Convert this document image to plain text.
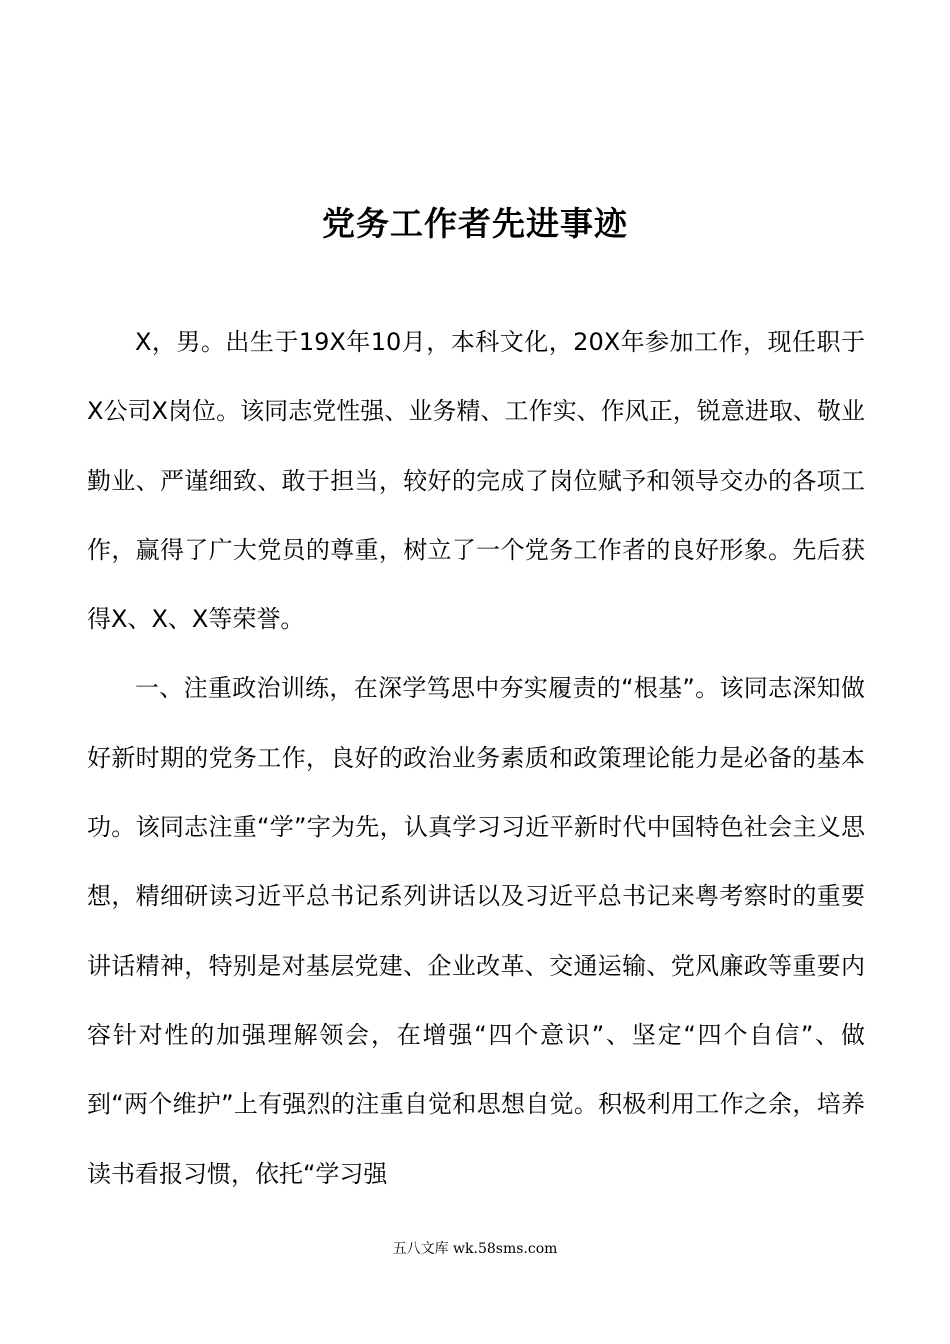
党务工作者先进事迹

X，男。出生于19X年10月，本科文化，20X年参加工作，现任职于X公司X岗位。该同志党性强、业务精、工作实、作风正，锐意进取、敬业勤业、严谨细致、敢于担当，较好的完成了岗位赋予和领导交办的各项工作，赢得了广大党员的尊重，树立了一个党务工作者的良好形象。先后获得X、X、X等荣誉。

一、注重政治训练，在深学笃思中夯实履责的“根基”。该同志深知做好新时期的党务工作，良好的政治业务素质和政策理论能力是必备的基本功。该同志注重“学”字为先，认真学习习近平新时代中国特色社会主义思想，精细研读习近平总书记系列讲话以及习近平总书记来粤考察时的重要讲话精神，特别是对基层党建、企业改革、交通运输、党风廉政等重要内容针对性的加强理解领会，在增强“四个意识”、坚定“四个自信”、做到“两个维护”上有强烈的注重自觉和思想自觉。积极利用工作之余，培养读书看报习惯，依托“学习强

五八文库 wk.58sms.com
